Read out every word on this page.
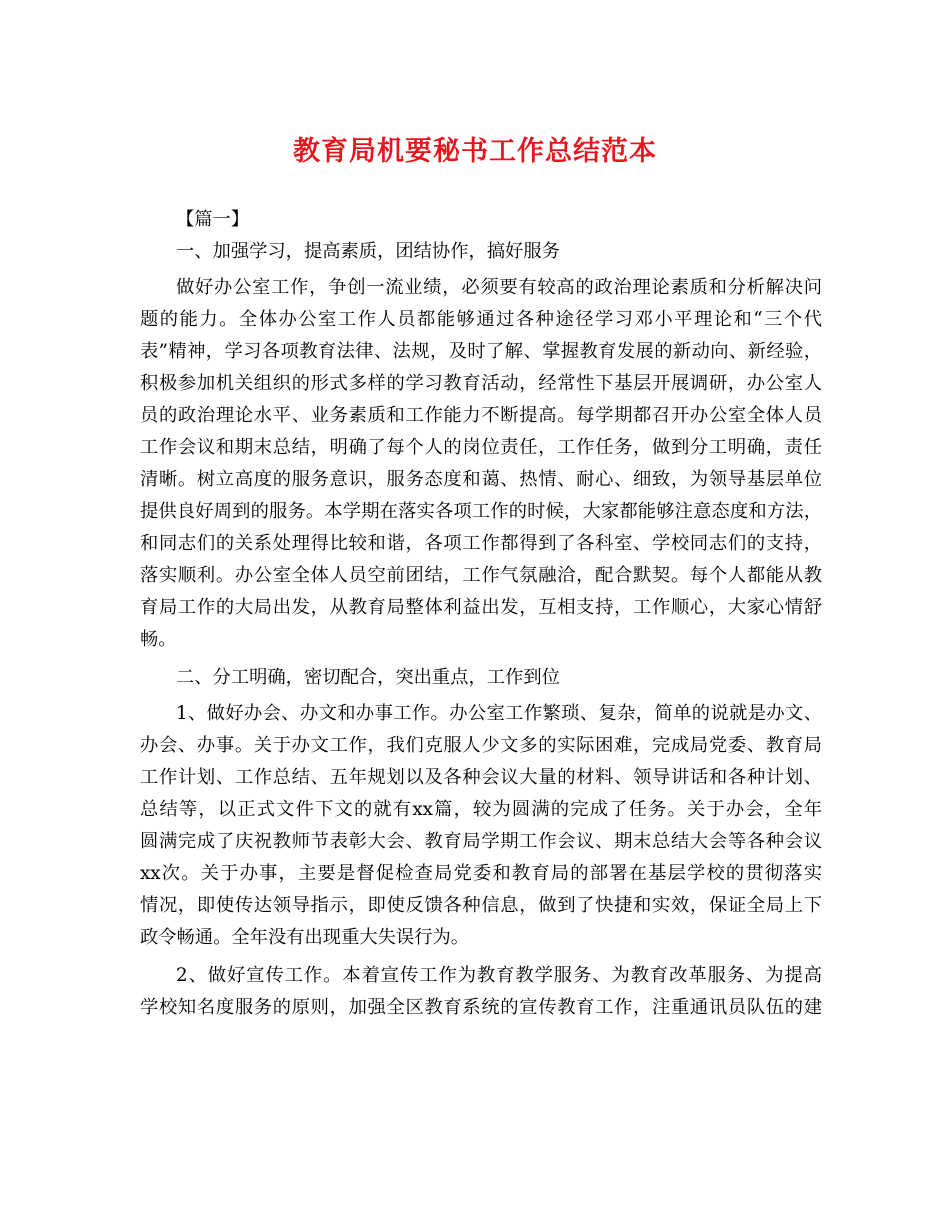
教育局机要秘书工作总结范本
【篇一】
一、加强学习，提高素质，团结协作，搞好服务
做好办公室工作，争创一流业绩，必须要有较高的政治理论素质和分析解决问
题的能力。全体办公室工作人员都能够通过各种途径学习邓小平理论和“三个代
表”精神，学习各项教育法律、法规，及时了解、掌握教育发展的新动向、新经验，
积极参加机关组织的形式多样的学习教育活动，经常性下基层开展调研，办公室人
员的政治理论水平、业务素质和工作能力不断提高。每学期都召开办公室全体人员
工作会议和期末总结，明确了每个人的岗位责任，工作任务，做到分工明确，责任
清晰。树立高度的服务意识，服务态度和蔼、热情、耐心、细致，为领导基层单位
提供良好周到的服务。本学期在落实各项工作的时候，大家都能够注意态度和方法，
和同志们的关系处理得比较和谐，各项工作都得到了各科室、学校同志们的支持，
落实顺利。办公室全体人员空前团结，工作气氛融洽，配合默契。每个人都能从教
育局工作的大局出发，从教育局整体利益出发，互相支持，工作顺心，大家心情舒
畅。
二、分工明确，密切配合，突出重点，工作到位
1、做好办会、办文和办事工作。办公室工作繁琐、复杂，简单的说就是办文、
办会、办事。关于办文工作，我们克服人少文多的实际困难，完成局党委、教育局
工作计划、工作总结、五年规划以及各种会议大量的材料、领导讲话和各种计划、
总结等，以正式文件下文的就有xx篇，较为圆满的完成了任务。关于办会，全年
圆满完成了庆祝教师节表彰大会、教育局学期工作会议、期末总结大会等各种会议
xx次。关于办事，主要是督促检查局党委和教育局的部署在基层学校的贯彻落实
情况，即使传达领导指示，即使反馈各种信息，做到了快捷和实效，保证全局上下
政令畅通。全年没有出现重大失误行为。
2、做好宣传工作。本着宣传工作为教育教学服务、为教育改革服务、为提高
学校知名度服务的原则，加强全区教育系统的宣传教育工作，注重通讯员队伍的建
